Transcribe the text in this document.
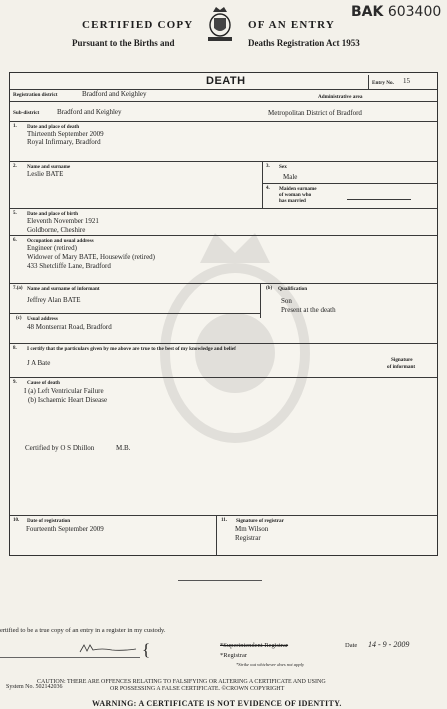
CERTIFIED COPY	OF AN ENTRY
Pursuant to the Births and	Deaths Registration Act 1953
BAK 603400
DEATH	Entry No. 15
Registration district	Bradford and Keighley	Administrative area
Sub-district	Bradford and Keighley	Metropolitan District of Bradford
1. Date and place of death
Thirteenth September 2009
Royal Infirmary, Bradford
2. Name and surname
Leslie BATE
3. Sex
Male
4. Maiden surname
of woman who
has married
5. Date and place of birth
Eleventh November 1921
Goldborne, Cheshire
6. Occupation and usual address
Engineer (retired)
Widower of Mary BATE, Housewife (retired)
433 Shetcliffe Lane, Bradford
7.(a) Name and surname of informant
Jeffrey Alan BATE
(b) Qualification
Son
Present at the death
(c) Usual address
48 Montserrat Road, Bradford
8. I certify that the particulars given by me above are true to the best of my knowledge and belief
J A Bate	Signature
of informant
9. Cause of death
I (a) Left Ventricular Failure
(b) Ischaemic Heart Disease
Certified by O S Dhillon	M.B.
10. Date of registration
Fourteenth September 2009
11. Signature of registrar
Mm Wilson
Registrar
ertified to be a true copy of an entry in a register in my custody.
{	*Superintendent Registrar
*Registrar
*Strike out whichever does not apply
Date 14 - 9 - 2009
CAUTION: THERE ARE OFFENCES RELATING TO FALSIFYING OR ALTERING A CERTIFICATE AND USING
System No. 502142036	OR POSSESSING A FALSE CERTIFICATE. ©CROWN COPYRIGHT
WARNING: A CERTIFICATE IS NOT EVIDENCE OF IDENTITY.
